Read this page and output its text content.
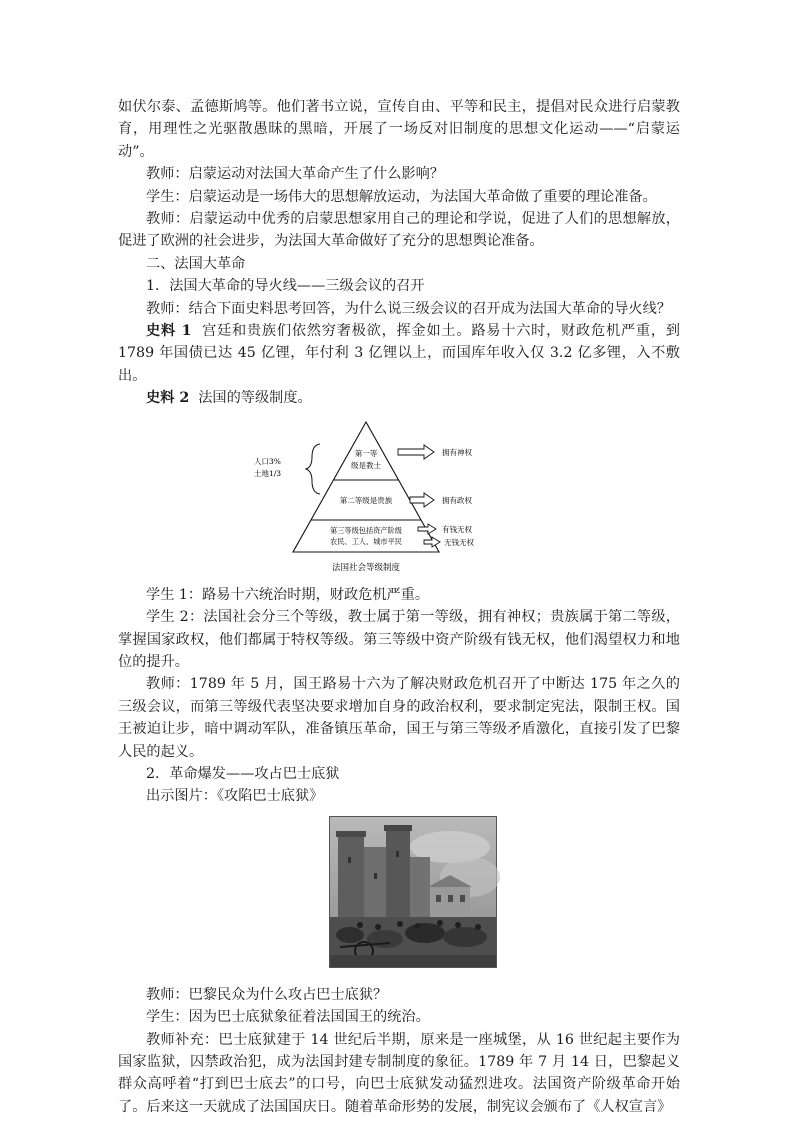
如伏尔泰、孟德斯鸠等。他们著书立说，宣传自由、平等和民主，提倡对民众进行启蒙教育，用理性之光驱散愚昧的黑暗，开展了一场反对旧制度的思想文化运动——“启蒙运动”。

教师：启蒙运动对法国大革命产生了什么影响？

学生：启蒙运动是一场伟大的思想解放运动，为法国大革命做了重要的理论准备。

教师：启蒙运动中优秀的启蒙思想家用自己的理论和学说，促进了人们的思想解放，促进了欧洲的社会进步，为法国大革命做好了充分的思想舆论准备。

二、法国大革命

1．法国大革命的导火线——三级会议的召开

教师：结合下面史料思考回答，为什么说三级会议的召开成为法国大革命的导火线？

史料 1 宫廷和贵族们依然穷奢极欲，挥金如土。路易十六时，财政危机严重，到 1789 年国债已达 45 亿锂，年付利 3 亿锂以上，而国库年收入仅 3.2 亿多锂，入不敷出。

史料 2 法国的等级制度。

第一等
级是教士
第二等级是贵族
第三等级包括资产阶级
农民、工人、城市平民
人口3%
土地1/3
拥有神权
拥有政权
有钱无权
无钱无权
法国社会等级制度

学生 1：路易十六统治时期，财政危机严重。

学生 2：法国社会分三个等级，教士属于第一等级，拥有神权；贵族属于第二等级，掌握国家政权，他们都属于特权等级。第三等级中资产阶级有钱无权，他们渴望权力和地位的提升。

教师：1789 年 5 月，国王路易十六为了解决财政危机召开了中断达 175 年之久的三级会议，而第三等级代表坚决要求增加自身的政治权利，要求制定宪法，限制王权。国王被迫让步，暗中调动军队，准备镇压革命，国王与第三等级矛盾激化，直接引发了巴黎人民的起义。

2．革命爆发——攻占巴士底狱

出示图片：《攻陷巴士底狱》

教师：巴黎民众为什么攻占巴士底狱？

学生：因为巴士底狱象征着法国国王的统治。

教师补充：巴士底狱建于 14 世纪后半期，原来是一座城堡，从 16 世纪起主要作为国家监狱，囚禁政治犯，成为法国封建专制制度的象征。1789 年 7 月 14 日，巴黎起义群众高呼着“打到巴士底去”的口号，向巴士底狱发动猛烈进攻。法国资产阶级革命开始了。后来这一天就成了法国国庆日。随着革命形势的发展，制宪议会颁布了《人权宣言》
